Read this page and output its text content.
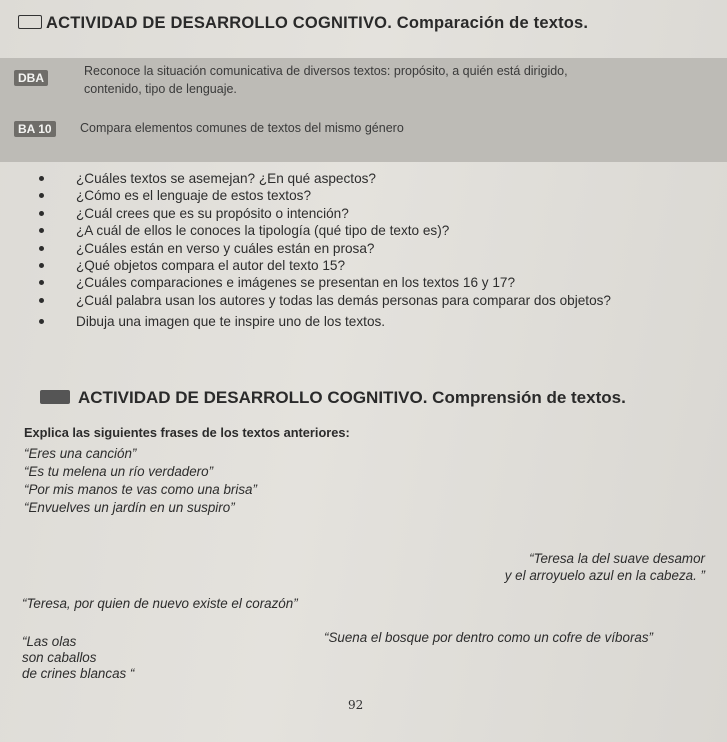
ACTIVIDAD DE DESARROLLO COGNITIVO. Comparación de textos.
DBA	Reconoce la situación comunicativa de diversos textos: propósito, a quién está dirigido,
contenido, tipo de lenguaje.
BA 10	Compara elementos comunes de textos del mismo género
¿Cuáles textos se asemejan? ¿En qué aspectos?
¿Cómo es el lenguaje de estos textos?
¿Cuál crees que es su propósito o intención?
¿A cuál de ellos le conoces la tipología (qué tipo de texto es)?
¿Cuáles están en verso y cuáles están en prosa?
¿Qué objetos compara el autor del texto 15?
¿Cuáles comparaciones e imágenes se presentan en los textos 16 y 17?
¿Cuál palabra usan los autores y todas las demás personas para comparar dos objetos?
Dibuja una imagen que te inspire uno de los textos.
ACTIVIDAD DE DESARROLLO COGNITIVO. Comprensión de textos.
Explica las siguientes frases de los textos anteriores:
“Eres una canción”
“Es tu melena un río verdadero”
“Por mis manos te vas como una brisa”
“Envuelves un jardín en un suspiro”
“Teresa la del suave desamor
y el arroyuelo azul en la cabeza. ”
“Teresa, por quien de nuevo existe el corazón”
“Las olas
son caballos
de crines blancas “
“Suena el bosque por dentro como un cofre de víboras”
92
